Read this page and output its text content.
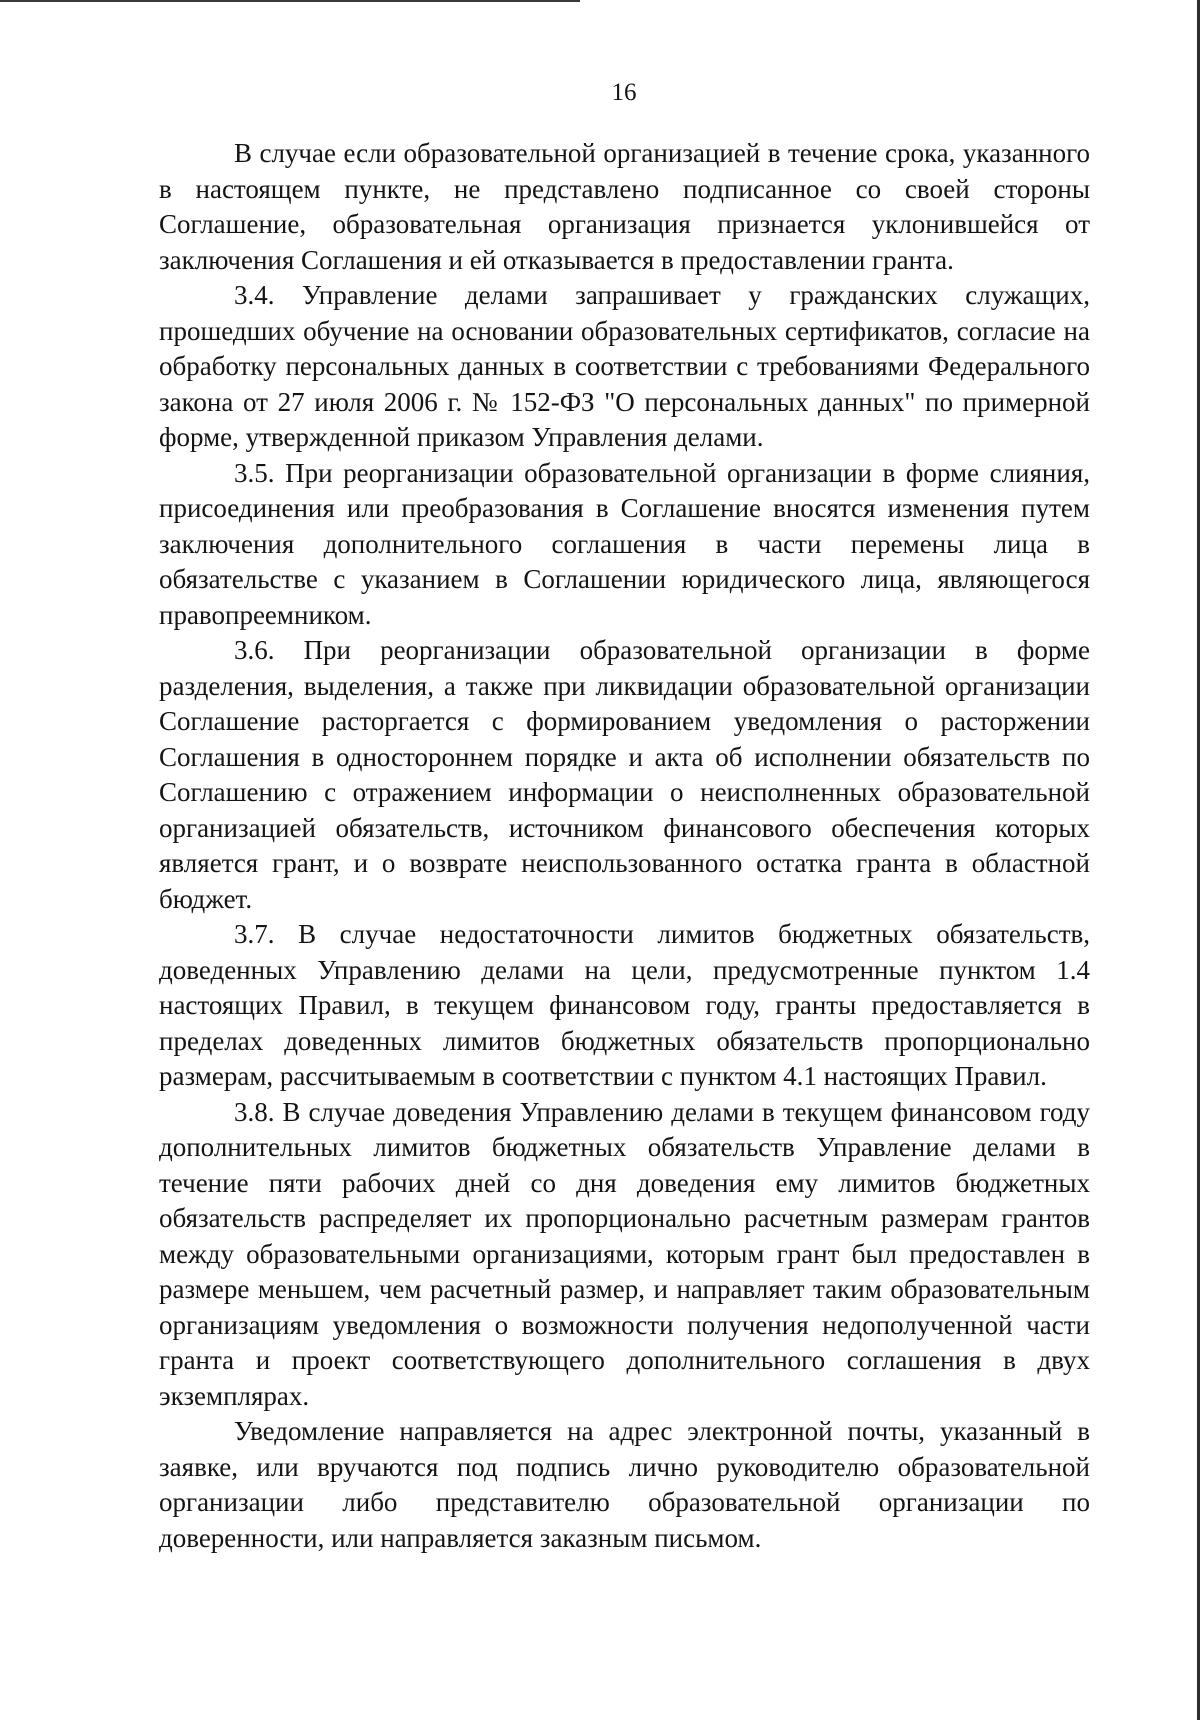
16

В случае если образовательной организацией в течение срока, указанного в настоящем пункте, не представлено подписанное со своей стороны Соглашение, образовательная организация признается уклонившейся от заключения Соглашения и ей отказывается в предоставлении гранта.

3.4. Управление делами запрашивает у гражданских служащих, прошедших обучение на основании образовательных сертификатов, согласие на обработку персональных данных в соответствии с требованиями Федерального закона от 27 июля 2006 г. № 152-ФЗ "О персональных данных" по примерной форме, утвержденной приказом Управления делами.

3.5. При реорганизации образовательной организации в форме слияния, присоединения или преобразования в Соглашение вносятся изменения путем заключения дополнительного соглашения в части перемены лица в обязательстве с указанием в Соглашении юридического лица, являющегося правопреемником.

3.6. При реорганизации образовательной организации в форме разделения, выделения, а также при ликвидации образовательной организации Соглашение расторгается с формированием уведомления о расторжении Соглашения в одностороннем порядке и акта об исполнении обязательств по Соглашению с отражением информации о неисполненных образовательной организацией обязательств, источником финансового обеспечения которых является грант, и о возврате неиспользованного остатка гранта в областной бюджет.

3.7. В случае недостаточности лимитов бюджетных обязательств, доведенных Управлению делами на цели, предусмотренные пунктом 1.4 настоящих Правил, в текущем финансовом году, гранты предоставляется в пределах доведенных лимитов бюджетных обязательств пропорционально размерам, рассчитываемым в соответствии с пунктом 4.1 настоящих Правил.

3.8. В случае доведения Управлению делами в текущем финансовом году дополнительных лимитов бюджетных обязательств Управление делами в течение пяти рабочих дней со дня доведения ему лимитов бюджетных обязательств распределяет их пропорционально расчетным размерам грантов между образовательными организациями, которым грант был предоставлен в размере меньшем, чем расчетный размер, и направляет таким образовательным организациям уведомления о возможности получения недополученной части гранта и проект соответствующего дополнительного соглашения в двух экземплярах.

Уведомление направляется на адрес электронной почты, указанный в заявке, или вручаются под подпись лично руководителю образовательной организации либо представителю образовательной организации по доверенности, или направляется заказным письмом.
